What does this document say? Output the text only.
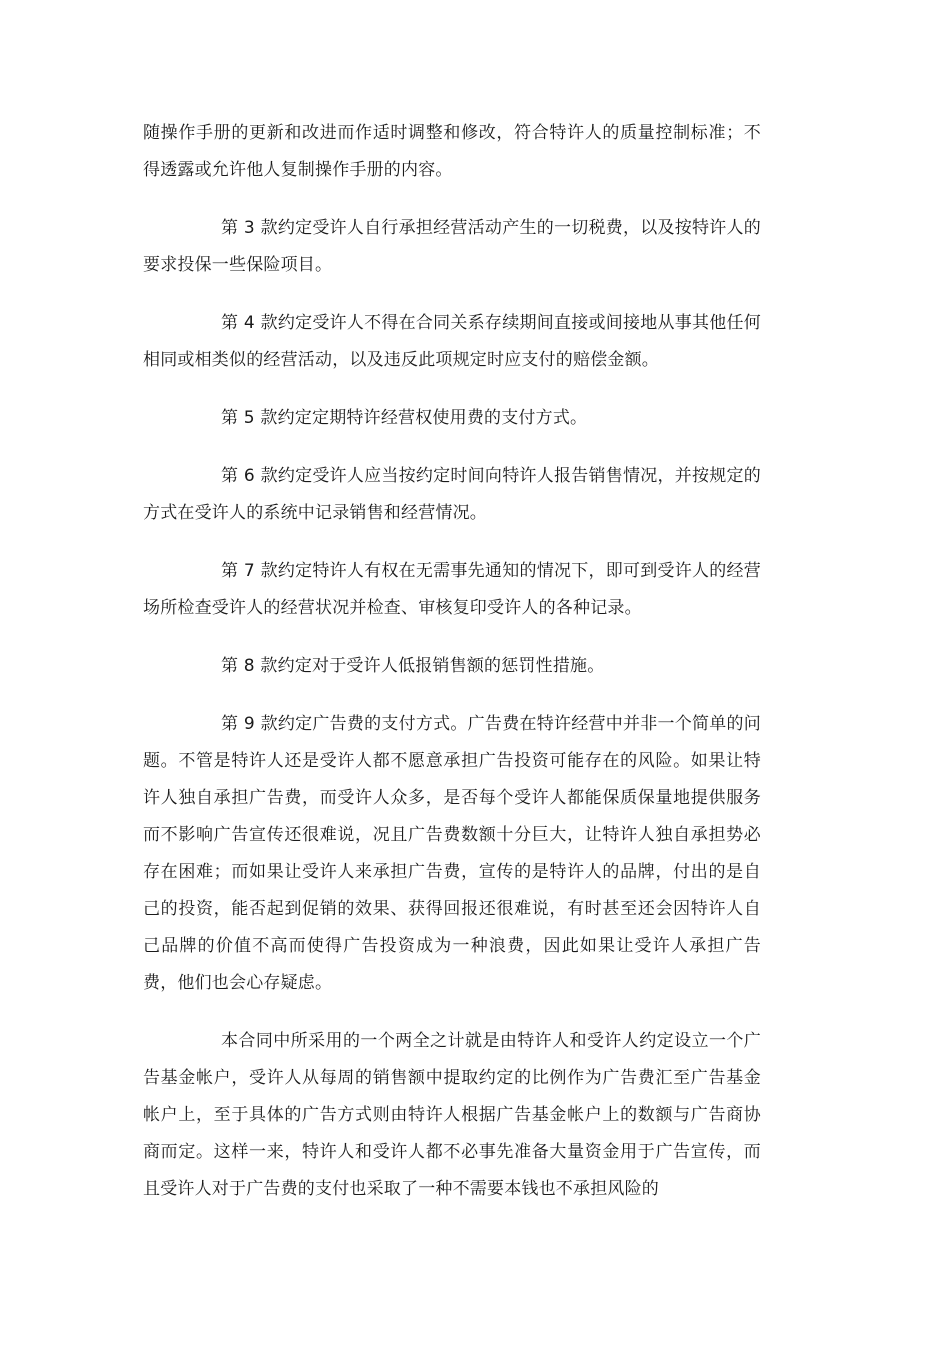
随操作手册的更新和改进而作适时调整和修改，符合特许人的质量控制标准；不得透露或允许他人复制操作手册的内容。

第 3 款约定受许人自行承担经营活动产生的一切税费，以及按特许人的要求投保一些保险项目。

第 4 款约定受许人不得在合同关系存续期间直接或间接地从事其他任何相同或相类似的经营活动，以及违反此项规定时应支付的赔偿金额。

第 5 款约定定期特许经营权使用费的支付方式。

第 6 款约定受许人应当按约定时间向特许人报告销售情况，并按规定的方式在受许人的系统中记录销售和经营情况。

第 7 款约定特许人有权在无需事先通知的情况下，即可到受许人的经营场所检查受许人的经营状况并检查、审核复印受许人的各种记录。

第 8 款约定对于受许人低报销售额的惩罚性措施。

第 9 款约定广告费的支付方式。广告费在特许经营中并非一个简单的问题。不管是特许人还是受许人都不愿意承担广告投资可能存在的风险。如果让特许人独自承担广告费，而受许人众多，是否每个受许人都能保质保量地提供服务而不影响广告宣传还很难说，况且广告费数额十分巨大，让特许人独自承担势必存在困难；而如果让受许人来承担广告费，宣传的是特许人的品牌，付出的是自己的投资，能否起到促销的效果、获得回报还很难说，有时甚至还会因特许人自己品牌的价值不高而使得广告投资成为一种浪费，因此如果让受许人承担广告费，他们也会心存疑虑。

本合同中所采用的一个两全之计就是由特许人和受许人约定设立一个广告基金帐户，受许人从每周的销售额中提取约定的比例作为广告费汇至广告基金帐户上，至于具体的广告方式则由特许人根据广告基金帐户上的数额与广告商协商而定。这样一来，特许人和受许人都不必事先准备大量资金用于广告宣传，而且受许人对于广告费的支付也采取了一种不需要本钱也不承担风险的
